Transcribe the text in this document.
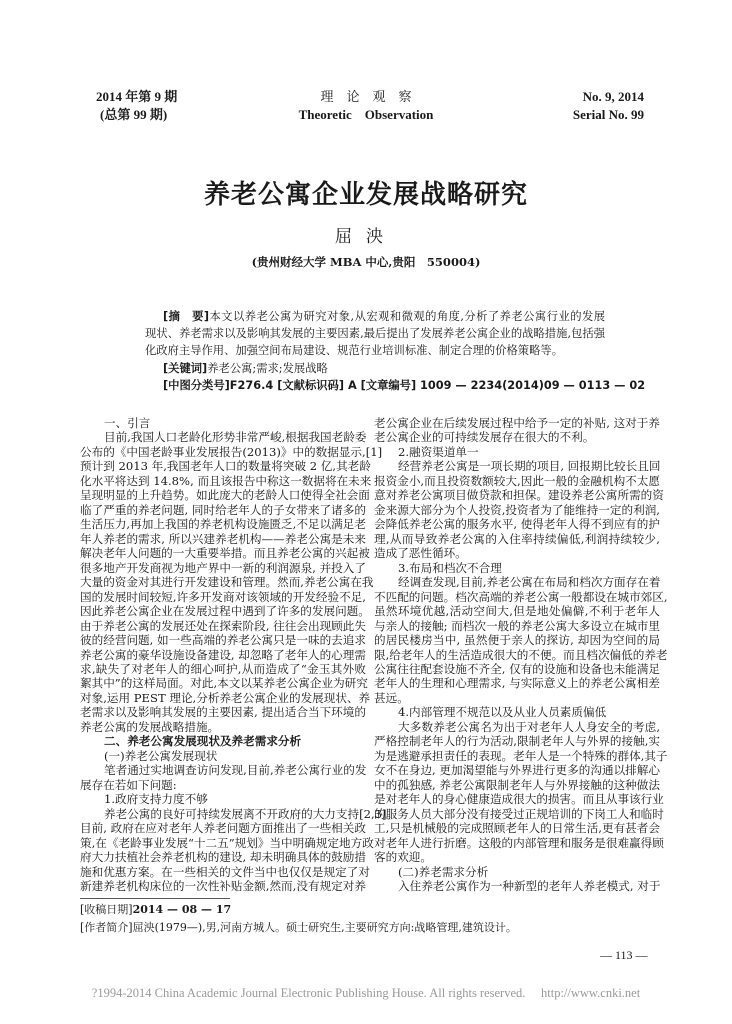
2014 年第 9 期
(总第 99 期)
理　论　观　察
Theoretic　Observation
No. 9, 2014
Serial No. 99
养老公寓企业发展战略研究
屈泱
(贵州财经大学 MBA 中心,贵阳　550004)
[摘　要]本文以养老公寓为研究对象,从宏观和微观的角度,分析了养老公寓行业的发展
现状、养老需求以及影响其发展的主要因素,最后提出了发展养老公寓企业的战略措施,包括强
化政府主导作用、加强空间布局建设、规范行业培训标准、制定合理的价格策略等。
[关键词]养老公寓;需求;发展战略
[中图分类号]F276.4 [文献标识码] A [文章编号] 1009 — 2234(2014)09 — 0113 — 02
一、引言
目前,我国人口老龄化形势非常严峻,根据我国老龄委
公布的《中国老龄事业发展报告(2013)》中的数据显示,[1]
预计到 2013 年,我国老年人口的数量将突破 2 亿,其老龄
化水平将达到 14.8%, 而且该报告中称这一数据将在未来
呈现明显的上升趋势。如此庞大的老龄人口使得全社会面
临了严重的养老问题, 同时给老年人的子女带来了诸多的
生活压力,再加上我国的养老机构设施匮乏,不足以满足老
年人养老的需求, 所以兴建养老机构——养老公寓是未来
解决老年人问题的一大重要举措。而且养老公寓的兴起被
很多地产开发商视为地产界中一新的利润源泉, 并投入了
大量的资金对其进行开发建设和管理。然而,养老公寓在我
国的发展时间较短,许多开发商对该领域的开发经验不足,
因此养老公寓企业在发展过程中遇到了许多的发展问题。
由于养老公寓的发展还处在探索阶段, 往往会出现顾此失
彼的经营问题, 如一些高端的养老公寓只是一味的去追求
养老公寓的豪华设施设备建设, 却忽略了老年人的心理需
求,缺失了对老年人的细心呵护,从而造成了“金玉其外败
絮其中”的这样局面。对此,本文以某养老公寓企业为研究
对象,运用 PEST 理论,分析养老公寓企业的发展现状、养
老需求以及影响其发展的主要因素, 提出适合当下环境的
养老公寓的发展战略措施。
二、养老公寓发展现状及养老需求分析
(一)养老公寓发展现状
笔者通过实地调查访问发现,目前,养老公寓行业的发
展存在若如下问题:
1.政府支持力度不够
养老公寓的良好可持续发展离不开政府的大力支持[2,3]。
目前, 政府在应对老年人养老问题方面推出了一些相关政
策,在《老龄事业发展“十二五”规划》当中明确规定地方政
府大力扶植社会养老机构的建设, 却未明确具体的鼓励措
施和优惠方案。在一些相关的文件当中也仅仅是规定了对
新建养老机构床位的一次性补贴金额,然而,没有规定对养
老公寓企业在后续发展过程中给予一定的补贴, 这对于养
老公寓企业的可持续发展存在很大的不利。
2.融资渠道单一
经营养老公寓是一项长期的项目, 回报期比较长且回
报资金小,而且投资数额较大,因此一般的金融机构不太愿
意对养老公寓项目做贷款和担保。建设养老公寓所需的资
金来源大部分为个人投资,投资者为了能维持一定的利润,
会降低养老公寓的服务水平, 使得老年人得不到应有的护
理,从而导致养老公寓的入住率持续偏低,利润持续较少,
造成了恶性循环。
3.布局和档次不合理
经调查发现,目前,养老公寓在布局和档次方面存在着
不匹配的问题。档次高端的养老公寓一般都设在城市郊区,
虽然环境优越,活动空间大,但是地处偏僻,不利于老年人
与亲人的接触; 而档次一般的养老公寓大多设立在城市里
的居民楼房当中, 虽然便于亲人的探访, 却因为空间的局
限,给老年人的生活造成很大的不便。而且档次偏低的养老
公寓往往配套设施不齐全, 仅有的设施和设备也未能满足
老年人的生理和心理需求, 与实际意义上的养老公寓相差
甚远。
4.内部管理不规范以及从业人员素质偏低
大多数养老公寓名为出于对老年人人身安全的考虑,
严格控制老年人的行为活动,限制老年人与外界的接触,实
为是逃避承担责任的表现。老年人是一个特殊的群体,其子
女不在身边, 更加渴望能与外界进行更多的沟通以排解心
中的孤独感, 养老公寓限制老年人与外界接触的这种做法
是对老年人的身心健康造成很大的损害。而且从事该行业
的服务人员大部分没有接受过正规培训的下岗工人和临时
工,只是机械般的完成照顾老年人的日常生活,更有甚者会
对老年人进行折磨。这般的内部管理和服务是很难赢得顾
客的欢迎。
(二)养老需求分析
入住养老公寓作为一种新型的老年人养老模式, 对于
[收稿日期]2014 — 08 — 17
[作者简介]屈泱(1979—),男,河南方城人。硕士研究生,主要研究方向:战略管理,建筑设计。
— 113 —
?1994-2014 China Academic Journal Electronic Publishing House. All rights reserved.　 http://www.cnki.net
